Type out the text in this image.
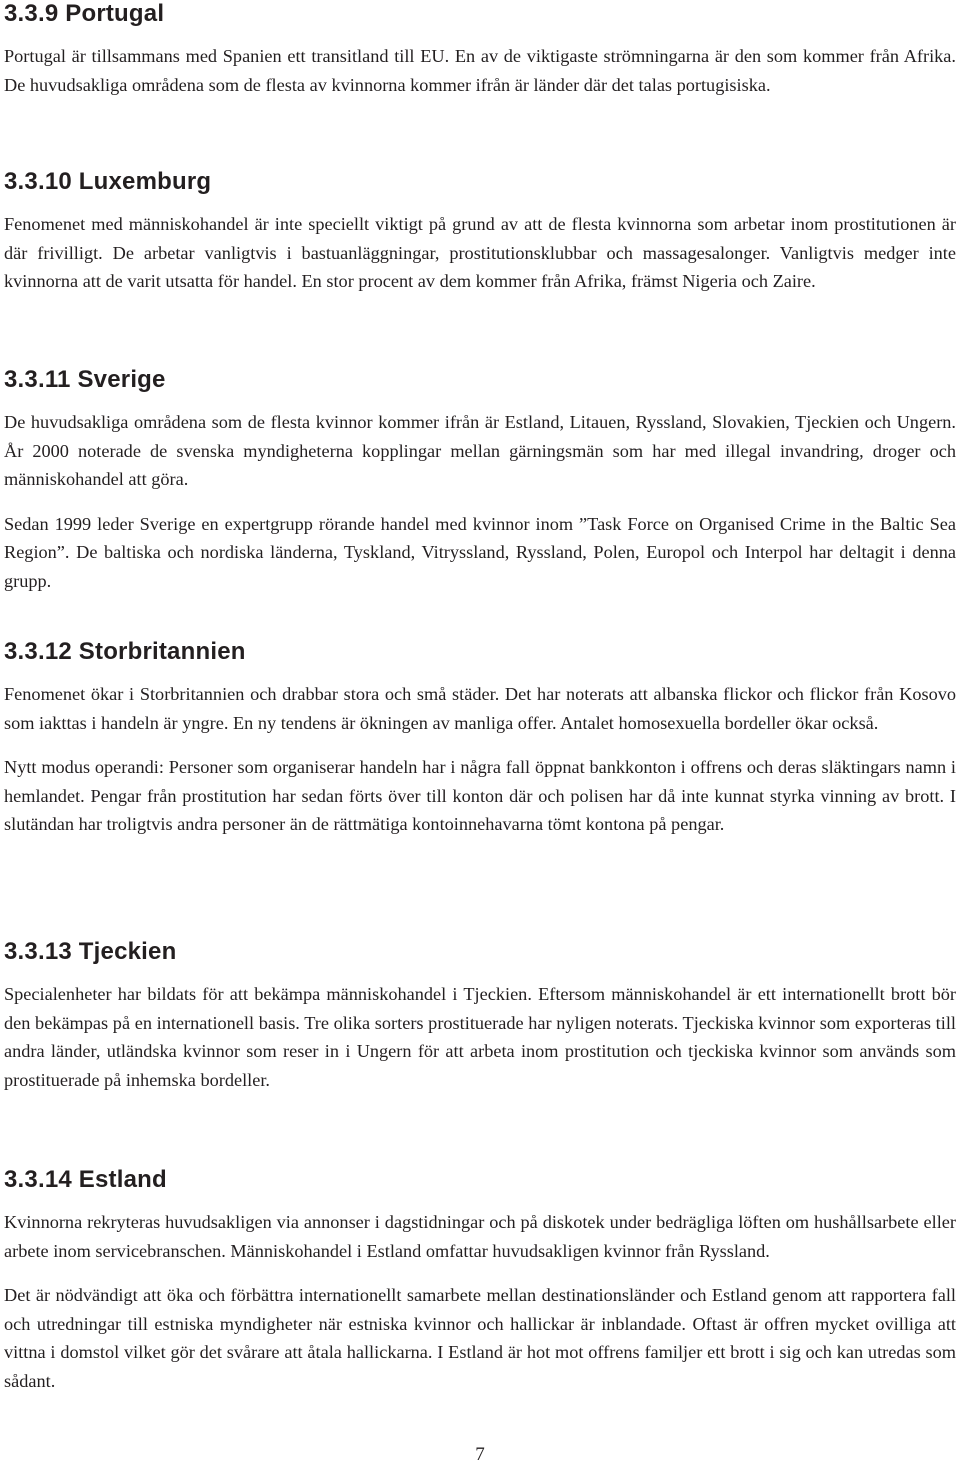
3.3.9 Portugal

Portugal är tillsammans med Spanien ett transitland till EU. En av de viktigaste strömningarna är den som kommer från Afrika. De huvudsakliga områdena som de flesta av kvinnorna kommer ifrån är länder där det talas portugisiska.

3.3.10 Luxemburg

Fenomenet med människohandel är inte speciellt viktigt på grund av att de flesta kvinnorna som arbetar inom prostitutionen är där frivilligt. De arbetar vanligtvis i bastuanläggningar, prostitutionsklubbar och massagesalonger. Vanligtvis medger inte kvinnorna att de varit utsatta för handel. En stor procent av dem kommer från Afrika, främst Nigeria och Zaire.

3.3.11 Sverige

De huvudsakliga områdena som de flesta kvinnor kommer ifrån är Estland, Litauen, Ryssland, Slovakien, Tjeckien och Ungern. År 2000 noterade de svenska myndigheterna kopplingar mellan gärningsmän som har med illegal invandring, droger och människohandel att göra.

Sedan 1999 leder Sverige en expertgrupp rörande handel med kvinnor inom ”Task Force on Organised Crime in the Baltic Sea Region”. De baltiska och nordiska länderna, Tyskland, Vitryssland, Ryssland, Polen, Europol och Interpol har deltagit i denna grupp.

3.3.12 Storbritannien

Fenomenet ökar i Storbritannien och drabbar stora och små städer. Det har noterats att albanska flickor och flickor från Kosovo som iakttas i handeln är yngre. En ny tendens är ökningen av manliga offer. Antalet homosexuella bordeller ökar också.

Nytt modus operandi: Personer som organiserar handeln har i några fall öppnat bankkonton i offrens och deras släktingars namn i hemlandet. Pengar från prostitution har sedan förts över till konton där och polisen har då inte kunnat styrka vinning av brott. I slutändan har troligtvis andra personer än de rättmätiga kontoinnehavarna tömt kontona på pengar.

3.3.13 Tjeckien

Specialenheter har bildats för att bekämpa människohandel i Tjeckien. Eftersom människohandel är ett internationellt brott bör den bekämpas på en internationell basis. Tre olika sorters prostituerade har nyligen noterats. Tjeckiska kvinnor som exporteras till andra länder, utländska kvinnor som reser in i Ungern för att arbeta inom prostitution och tjeckiska kvinnor som används som prostituerade på inhemska bordeller.

3.3.14 Estland

Kvinnorna rekryteras huvudsakligen via annonser i dagstidningar och på diskotek under bedrägliga löften om hushållsarbete eller arbete inom servicebranschen. Människohandel i Estland omfattar huvudsakligen kvinnor från Ryssland.

Det är nödvändigt att öka och förbättra internationellt samarbete mellan destinationsländer och Estland genom att rapportera fall och utredningar till estniska myndigheter när estniska kvinnor och hallickar är inblandade. Oftast är offren mycket ovilliga att vittna i domstol vilket gör det svårare att åtala hallickarna. I Estland är hot mot offrens familjer ett brott i sig och kan utredas som sådant.

7
